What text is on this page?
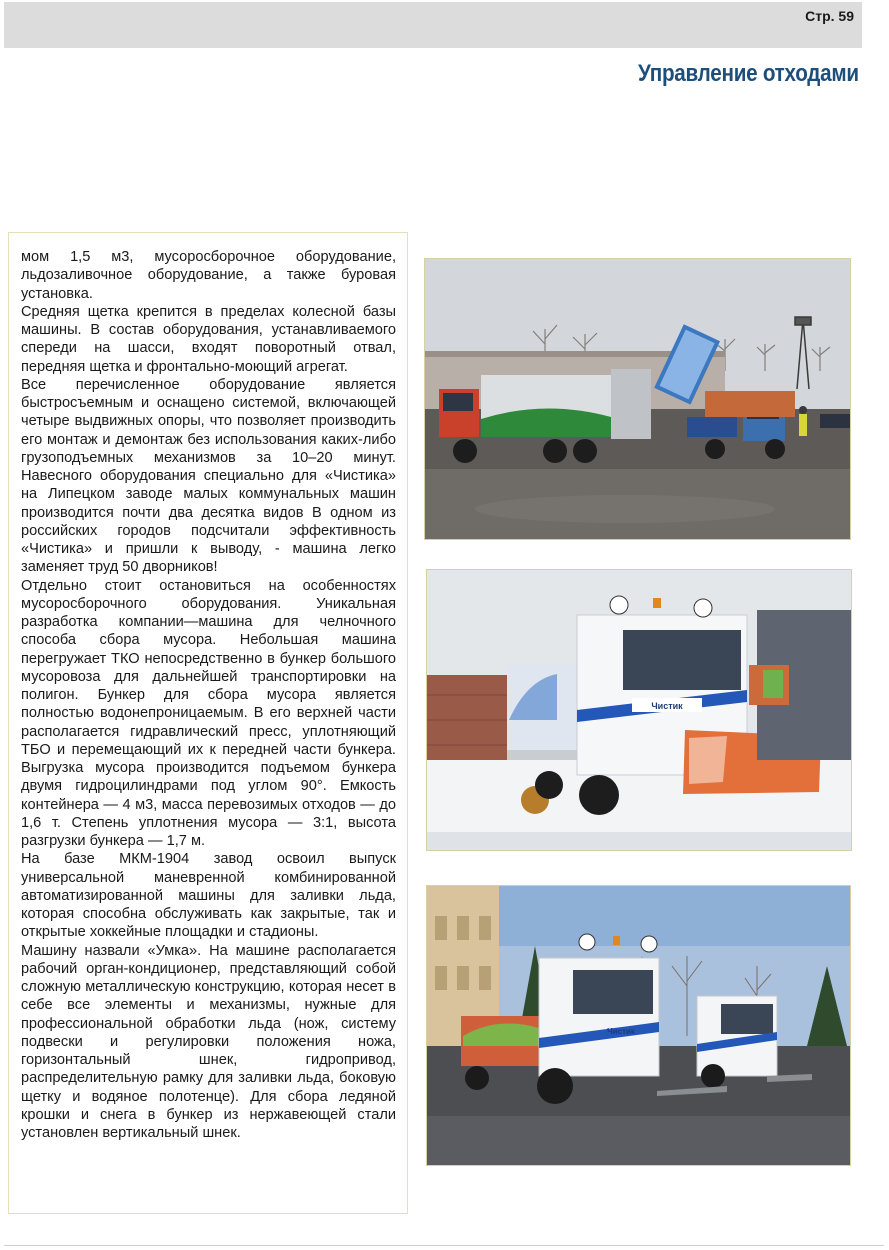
Стр. 59
Управление отходами

мом 1,5 м3, мусоросборочное оборудование, льдозаливочное оборудование, а также буровая установка.

Средняя щетка крепится в пределах колесной базы машины. В состав оборудования, устанавливаемого спереди на шасси, входят поворотный отвал, передняя щетка и фронтально-моющий агрегат.

Все перечисленное оборудование является быстросъемным и оснащено системой, включающей четыре выдвижных опоры, что позволяет производить его монтаж и демонтаж без использования каких-либо грузоподъемных механизмов за 10–20 минут. Навесного оборудования специально для «Чистика» на Липецком заводе малых коммунальных машин производится почти два десятка видов В одном из российских городов подсчитали эффективность «Чистика» и пришли к выводу, - машина легко заменяет труд 50 дворников!

Отдельно стоит остановиться на особенностях мусоросборочного оборудования. Уникальная разработка компании—машина для челночного способа сбора мусора. Небольшая машина перегружает ТКО непосредственно в бункер большого мусоровоза для дальнейшей транспортировки на полигон. Бункер для сбора мусора является полностью водонепроницаемым. В его верхней части располагается гидравлический пресс, уплотняющий ТБО и перемещающий их к передней части бункера. Выгрузка мусора производится подъемом бункера двумя гидроцилиндрами под углом 90°. Емкость контейнера — 4 м3, масса перевозимых отходов — до 1,6 т. Степень уплотнения мусора — 3:1, высота разгрузки бункера — 1,7 м.

На базе МКМ-1904 завод освоил выпуск универсальной маневренной комбинированной автоматизированной машины для заливки льда, которая способна обслуживать как закрытые, так и открытые хоккейные площадки и стадионы.

Машину назвали «Умка». На машине располагается рабочий орган-кондиционер, представляющий собой сложную металлическую конструкцию, которая несет в себе все элементы и механизмы, нужные для профессиональной обработки льда (нож, систему подвески и регулировки положения ножа, горизонтальный шнек, гидропривод, распределительную рамку для заливки льда, боковую щетку и водяное полотенце). Для сбора ледяной крошки и снега в бункер из нержавеющей стали установлен вертикальный шнек.

Чистик
Чистик
